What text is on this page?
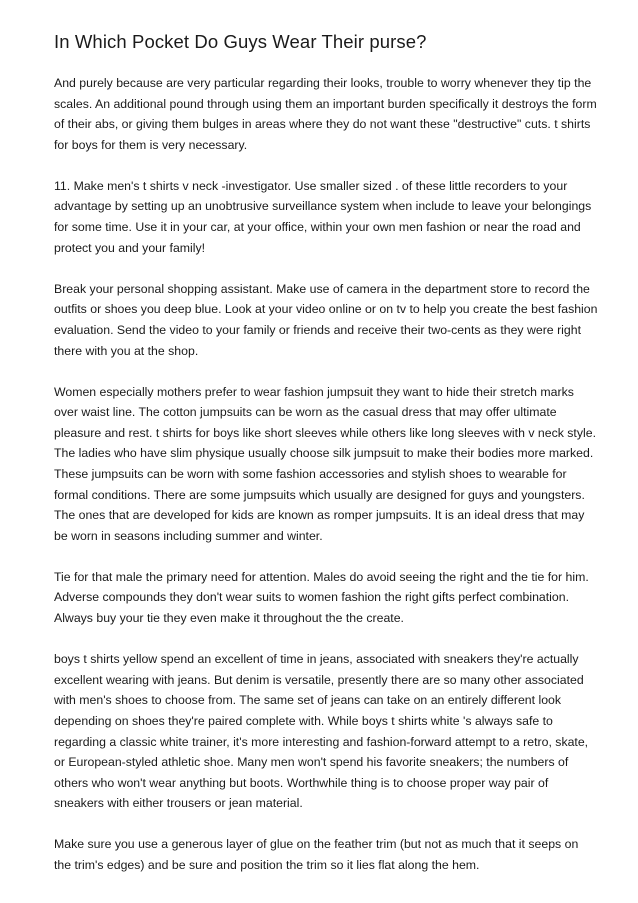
In Which Pocket Do Guys Wear Their purse?

And purely because are very particular regarding their looks, trouble to worry whenever they tip the scales. An additional pound through using them an important burden specifically it destroys the form of their abs, or giving them bulges in areas where they do not want these "destructive" cuts. t shirts for boys for them is very necessary.

11. Make men's t shirts v neck -investigator. Use smaller sized . of these little recorders to your advantage by setting up an unobtrusive surveillance system when include to leave your belongings for some time. Use it in your car, at your office, within your own men fashion or near the road and protect you and your family!

Break your personal shopping assistant. Make use of camera in the department store to record the outfits or shoes you deep blue. Look at your video online or on tv to help you create the best fashion evaluation. Send the video to your family or friends and receive their two-cents as they were right there with you at the shop.

Women especially mothers prefer to wear fashion jumpsuit they want to hide their stretch marks over waist line. The cotton jumpsuits can be worn as the casual dress that may offer ultimate pleasure and rest. t shirts for boys like short sleeves while others like long sleeves with v neck style. The ladies who have slim physique usually choose silk jumpsuit to make their bodies more marked. These jumpsuits can be worn with some fashion accessories and stylish shoes to wearable for formal conditions. There are some jumpsuits which usually are designed for guys and youngsters. The ones that are developed for kids are known as romper jumpsuits. It is an ideal dress that may be worn in seasons including summer and winter.

Tie for that male the primary need for attention. Males do avoid seeing the right and the tie for him. Adverse compounds they don't wear suits to women fashion the right gifts perfect combination. Always buy your tie they even make it throughout the the create.

boys t shirts yellow spend an excellent of time in jeans, associated with sneakers they're actually excellent wearing with jeans. But denim is versatile, presently there are so many other associated with men's shoes to choose from. The same set of jeans can take on an entirely different look depending on shoes they're paired complete with. While boys t shirts white 's always safe to regarding a classic white trainer, it's more interesting and fashion-forward attempt to a retro, skate, or European-styled athletic shoe. Many men won't spend his favorite sneakers; the numbers of others who won't wear anything but boots. Worthwhile thing is to choose proper way pair of sneakers with either trousers or jean material.

Make sure you use a generous layer of glue on the feather trim (but not as much that it seeps on the trim's edges) and be sure and position the trim so it lies flat along the hem.
